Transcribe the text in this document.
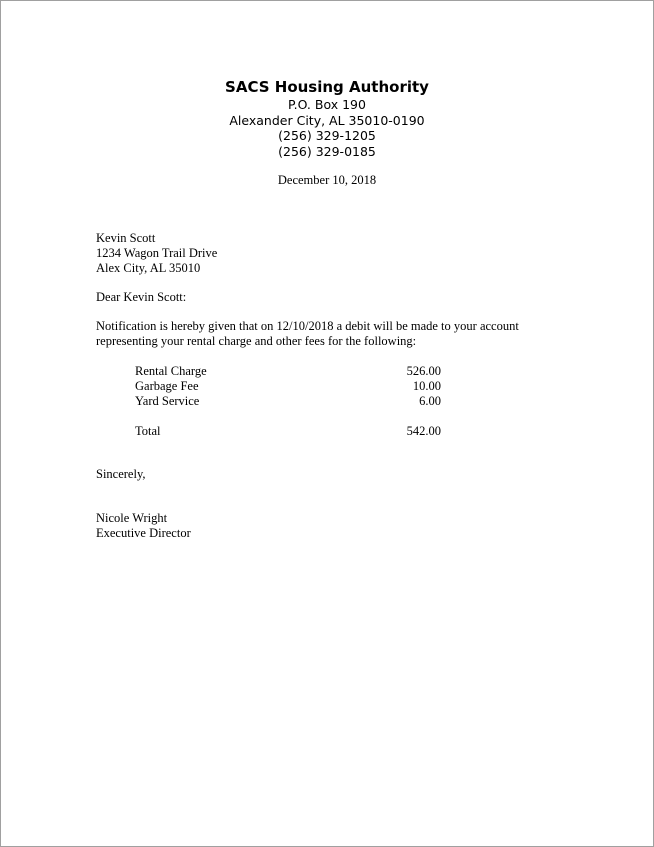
SACS Housing Authority
P.O. Box 190
Alexander City, AL 35010-0190
(256) 329-1205
(256) 329-0185
December 10, 2018
Kevin Scott
1234 Wagon Trail Drive
Alex City, AL 35010
Dear Kevin Scott:
Notification is hereby given that on 12/10/2018 a debit will be made to your account
representing your rental charge and other fees for the following:
Rental Charge	526.00
Garbage Fee	10.00
Yard Service	6.00
Total	542.00
Sincerely,
Nicole Wright
Executive Director
